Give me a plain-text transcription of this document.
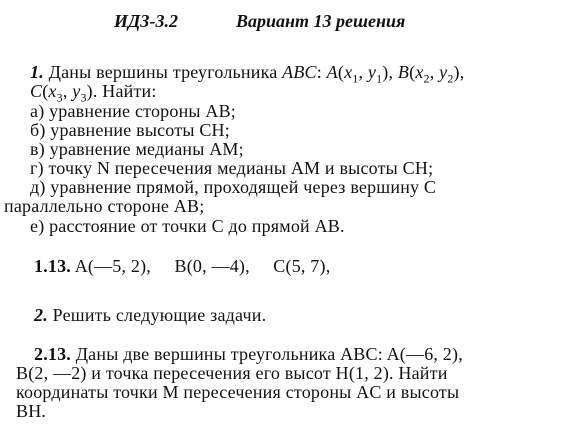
ИДЗ-3.2	Вариант 13 решения
1. Даны вершины треугольника ABC: $A(x_1$, $y_1$), $B(x_2$, $y_2$),
$C(x_3$, $y_3$). Найти:
а) уравнение стороны AB;
б) уравнение высоты CH;
в) уравнение медианы AM;
г) точку N пересечения медианы AM и высоты CH;
д) уравнение прямой, проходящей через вершину C
параллельно стороне AB;
е) расстояние от точки C до прямой AB.
1.13. A(—5, 2),     B(0, —4),     C(5, 7),
2. Решить следующие задачи.
2.13. Даны две вершины треугольника ABC: A(—6, 2),
B(2, —2) и точка пересечения его высот H(1, 2). Найти
координаты точки M пересечения стороны AC и высоты
BH.
